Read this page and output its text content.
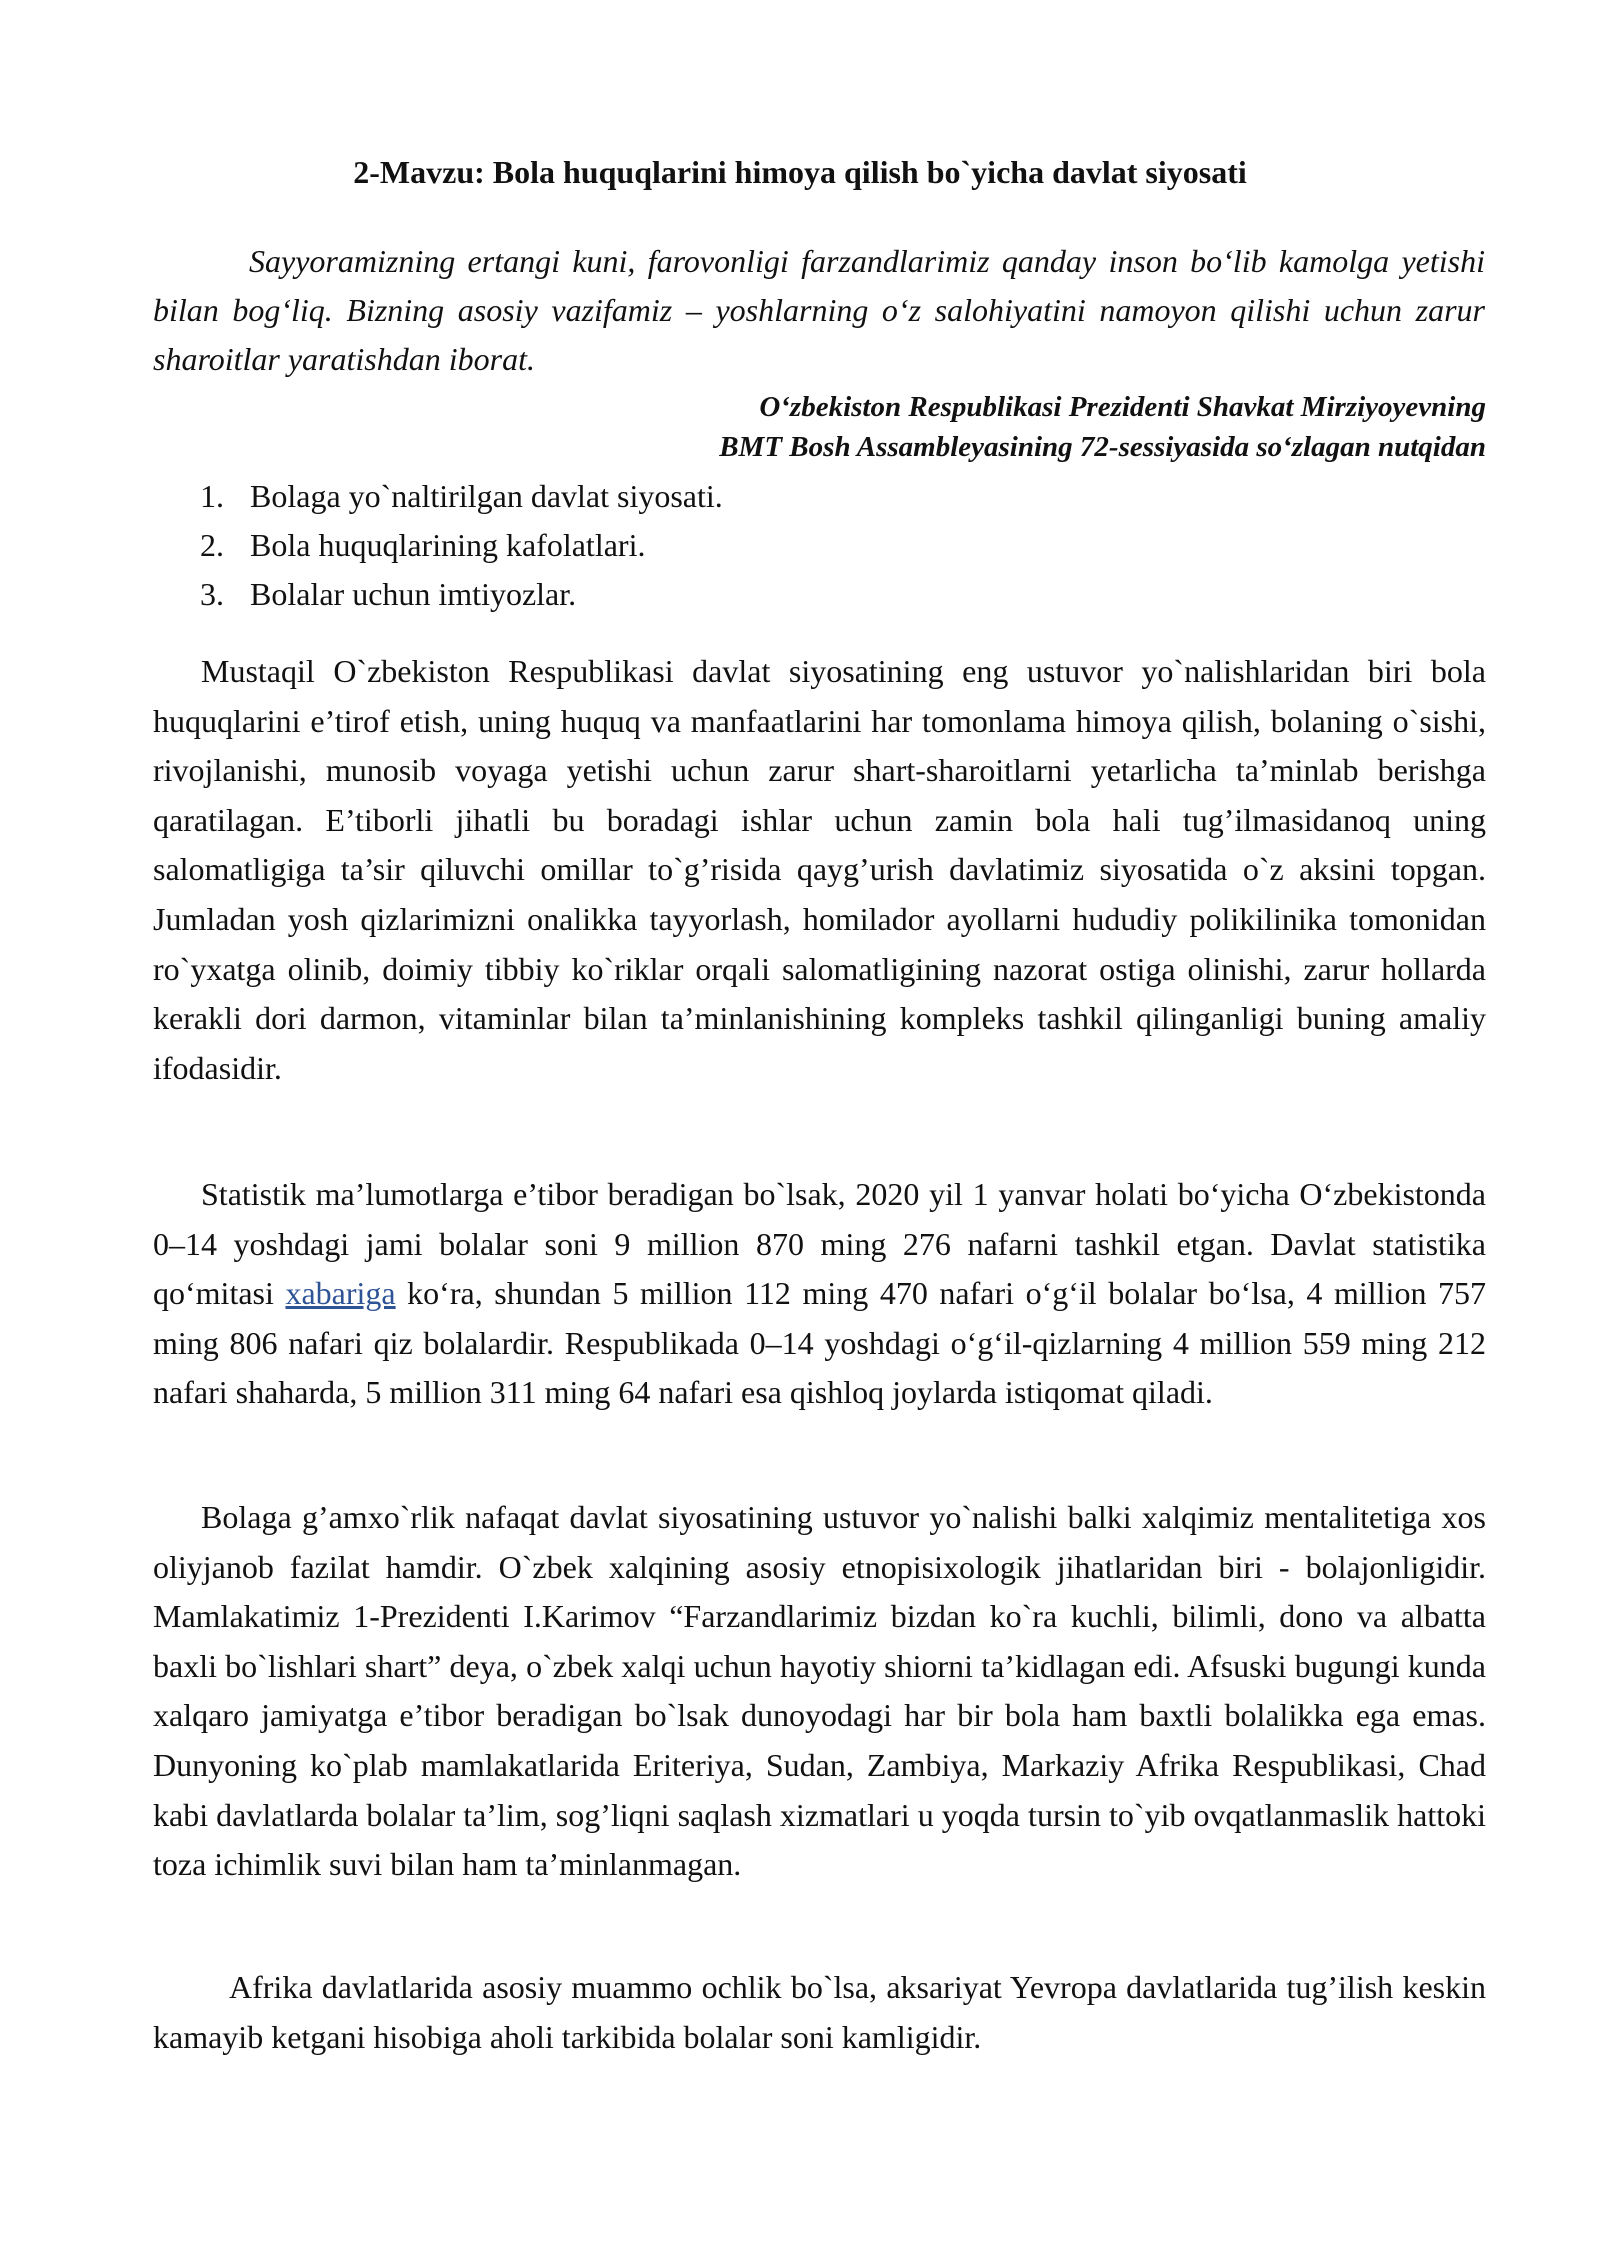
2-Mavzu: Bola huquqlarini himoya qilish bo`yicha davlat siyosati

Sayyoramizning ertangi kuni, farovonligi farzandlarimiz qanday inson bo‘lib kamolga yetishi bilan bog‘liq. Bizning asosiy vazifamiz – yoshlarning o‘z salohiyatini namoyon qilishi uchun zarur sharoitlar yaratishdan iborat.

O‘zbekiston Respublikasi Prezidenti Shavkat Mirziyoyevning
BMT Bosh Assambleyasining 72-sessiyasida so‘zlagan nutqidan

1. Bolaga yo`naltirilgan davlat siyosati.
2. Bola huquqlarining kafolatlari.
3. Bolalar uchun imtiyozlar.

Mustaqil O`zbekiston Respublikasi davlat siyosatining eng ustuvor yo`nalishlaridan biri bola huquqlarini e’tirof etish, uning huquq va manfaatlarini har tomonlama himoya qilish, bolaning o`sishi, rivojlanishi, munosib voyaga yetishi uchun zarur shart-sharoitlarni yetarlicha ta’minlab berishga qaratilagan. E’tiborli jihatli bu boradagi ishlar uchun zamin bola hali tug’ilmasidanoq uning salomatligiga ta’sir qiluvchi omillar to`g’risida qayg’urish davlatimiz siyosatida o`z aksini topgan. Jumladan yosh qizlarimizni onalikka tayyorlash, homilador ayollarni hududiy polikilinika tomonidan ro`yxatga olinib, doimiy tibbiy ko`riklar orqali salomatligining nazorat ostiga olinishi, zarur hollarda kerakli dori darmon, vitaminlar bilan ta’minlanishining kompleks tashkil qilinganligi buning amaliy ifodasidir.

Statistik ma’lumotlarga e’tibor beradigan bo`lsak, 2020 yil 1 yanvar holati bo‘yicha O‘zbekistonda 0–14 yoshdagi jami bolalar soni 9 million 870 ming 276 nafarni tashkil etgan. Davlat statistika qo‘mitasi xabariga ko‘ra, shundan 5 million 112 ming 470 nafari o‘g‘il bolalar bo‘lsa, 4 million 757 ming 806 nafari qiz bolalardir. Respublikada 0–14 yoshdagi o‘g‘il-qizlarning 4 million 559 ming 212 nafari shaharda, 5 million 311 ming 64 nafari esa qishloq joylarda istiqomat qiladi.

Bolaga g’amxo`rlik nafaqat davlat siyosatining ustuvor yo`nalishi balki xalqimiz mentalitetiga xos oliyjanob fazilat hamdir. O`zbek xalqining asosiy etnopisixologik jihatlaridan biri - bolajonligidir. Mamlakatimiz 1-Prezidenti I.Karimov “Farzandlarimiz bizdan ko`ra kuchli, bilimli, dono va albatta baxli bo`lishlari shart” deya, o`zbek xalqi uchun hayotiy shiorni ta’kidlagan edi. Afsuski bugungi kunda xalqaro jamiyatga e’tibor beradigan bo`lsak dunoyodagi har bir bola ham baxtli bolalikka ega emas. Dunyoning ko`plab mamlakatlarida Eriteriya, Sudan, Zambiya, Markaziy Afrika Respublikasi, Chad kabi davlatlarda bolalar ta’lim, sog’liqni saqlash xizmatlari u yoqda tursin to`yib ovqatlanmaslik hattoki toza ichimlik suvi bilan ham ta’minlanmagan.

Afrika davlatlarida asosiy muammo ochlik bo`lsa, aksariyat Yevropa davlatlarida tug’ilish keskin kamayib ketgani hisobiga aholi tarkibida bolalar soni kamligidir.
